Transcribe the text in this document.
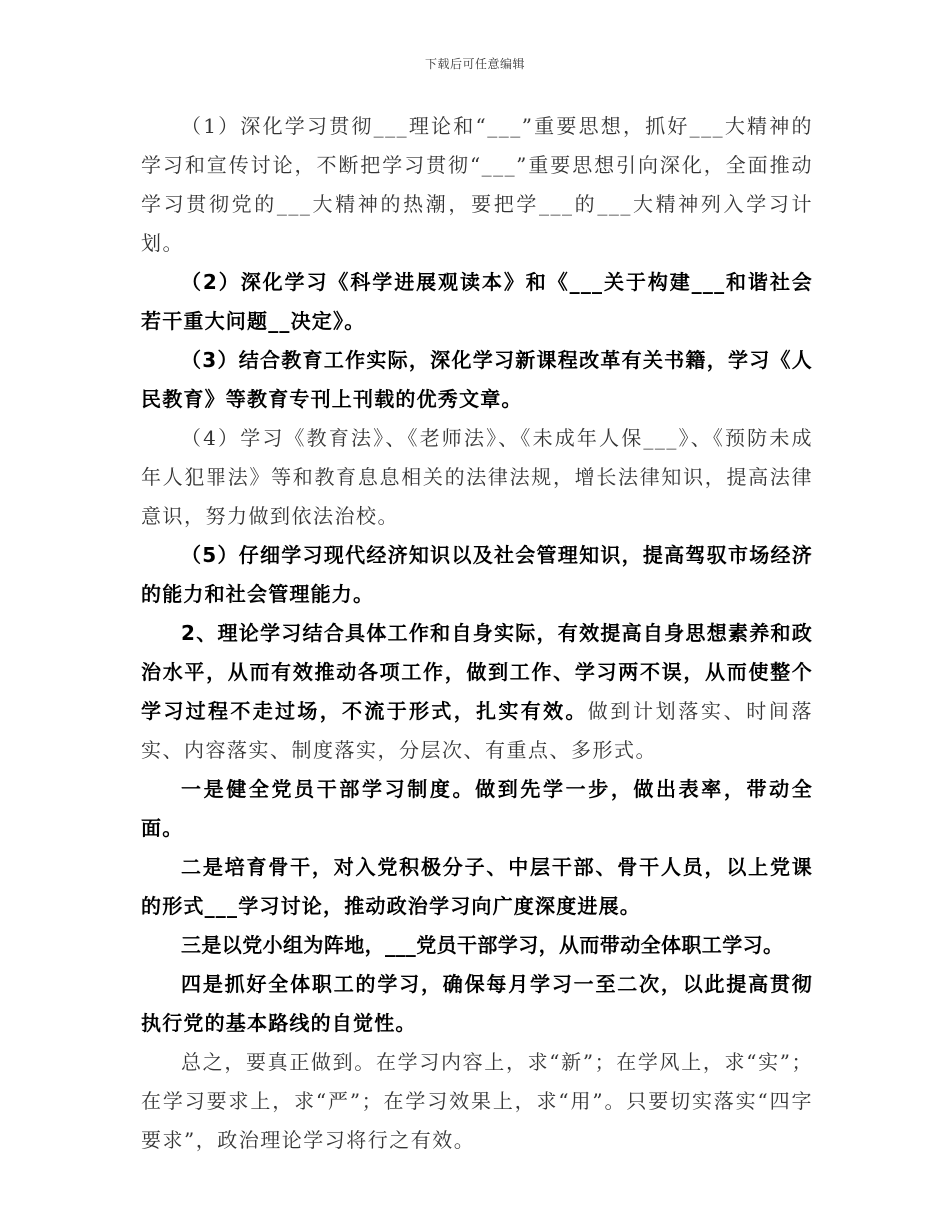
下载后可任意编辑

（1）深化学习贯彻___理论和“___”重要思想，抓好___大精神的学习和宣传讨论，不断把学习贯彻“___”重要思想引向深化，全面推动学习贯彻党的___大精神的热潮，要把学___的___大精神列入学习计划。

（2）深化学习《科学进展观读本》和《___关于构建___和谐社会若干重大问题__决定》。

（3）结合教育工作实际，深化学习新课程改革有关书籍，学习《人民教育》等教育专刊上刊载的优秀文章。

（4）学习《教育法》、《老师法》、《未成年人保___》、《预防未成年人犯罪法》等和教育息息相关的法律法规，增长法律知识，提高法律意识，努力做到依法治校。

（5）仔细学习现代经济知识以及社会管理知识，提高驾驭市场经济的能力和社会管理能力。

2、理论学习结合具体工作和自身实际，有效提高自身思想素养和政治水平，从而有效推动各项工作，做到工作、学习两不误，从而使整个学习过程不走过场，不流于形式，扎实有效。做到计划落实、时间落实、内容落实、制度落实，分层次、有重点、多形式。

一是健全党员干部学习制度。做到先学一步，做出表率，带动全面。

二是培育骨干，对入党积极分子、中层干部、骨干人员，以上党课的形式___学习讨论，推动政治学习向广度深度进展。

三是以党小组为阵地，___党员干部学习，从而带动全体职工学习。

四是抓好全体职工的学习，确保每月学习一至二次，以此提高贯彻执行党的基本路线的自觉性。

总之，要真正做到。在学习内容上，求“新”；在学风上，求“实”；在学习要求上，求“严”；在学习效果上，求“用”。只要切实落实“四字要求”，政治理论学习将行之有效。
